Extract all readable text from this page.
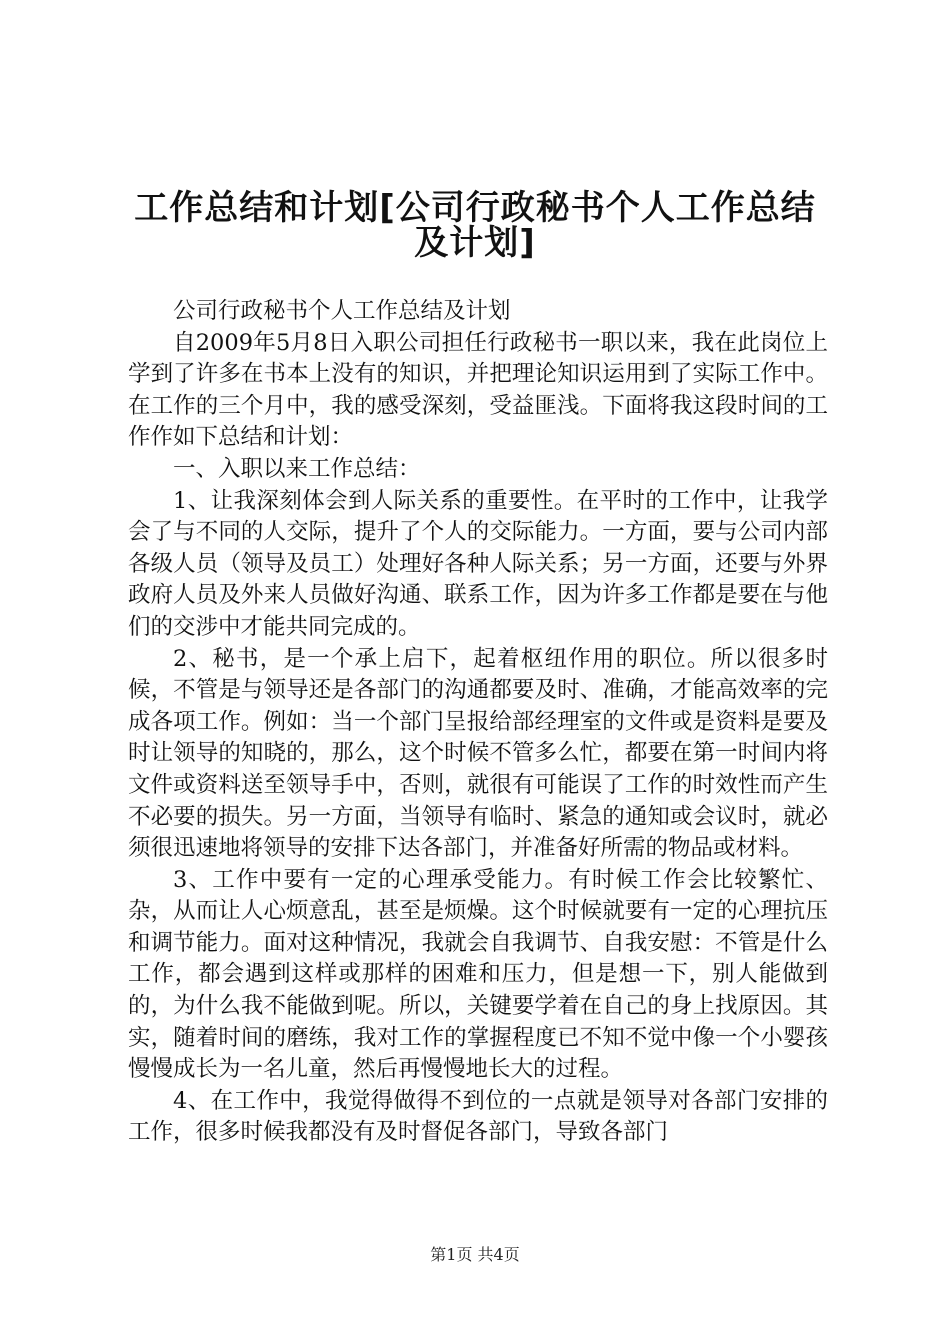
工作总结和计划[公司行政秘书个人工作总结
及计划]

公司行政秘书个人工作总结及计划

自2009年5月8日入职公司担任行政秘书一职以来，我在此岗位上学到了许多在书本上没有的知识，并把理论知识运用到了实际工作中。在工作的三个月中，我的感受深刻，受益匪浅。下面将我这段时间的工作作如下总结和计划：

一、入职以来工作总结：

1、让我深刻体会到人际关系的重要性。在平时的工作中，让我学会了与不同的人交际，提升了个人的交际能力。一方面，要与公司内部各级人员（领导及员工）处理好各种人际关系；另一方面，还要与外界政府人员及外来人员做好沟通、联系工作，因为许多工作都是要在与他们的交涉中才能共同完成的。

2、秘书，是一个承上启下，起着枢纽作用的职位。所以很多时候，不管是与领导还是各部门的沟通都要及时、准确，才能高效率的完成各项工作。例如：当一个部门呈报给部经理室的文件或是资料是要及时让领导的知晓的，那么，这个时候不管多么忙，都要在第一时间内将文件或资料送至领导手中，否则，就很有可能误了工作的时效性而产生不必要的损失。另一方面，当领导有临时、紧急的通知或会议时，就必须很迅速地将领导的安排下达各部门，并准备好所需的物品或材料。

3、工作中要有一定的心理承受能力。有时候工作会比较繁忙、杂，从而让人心烦意乱，甚至是烦燥。这个时候就要有一定的心理抗压和调节能力。面对这种情况，我就会自我调节、自我安慰：不管是什么工作，都会遇到这样或那样的困难和压力，但是想一下，别人能做到的，为什么我不能做到呢。所以，关键要学着在自己的身上找原因。其实，随着时间的磨练，我对工作的掌握程度已不知不觉中像一个小婴孩慢慢成长为一名儿童，然后再慢慢地长大的过程。

4、在工作中，我觉得做得不到位的一点就是领导对各部门安排的工作，很多时候我都没有及时督促各部门，导致各部门

第1页 共4页
